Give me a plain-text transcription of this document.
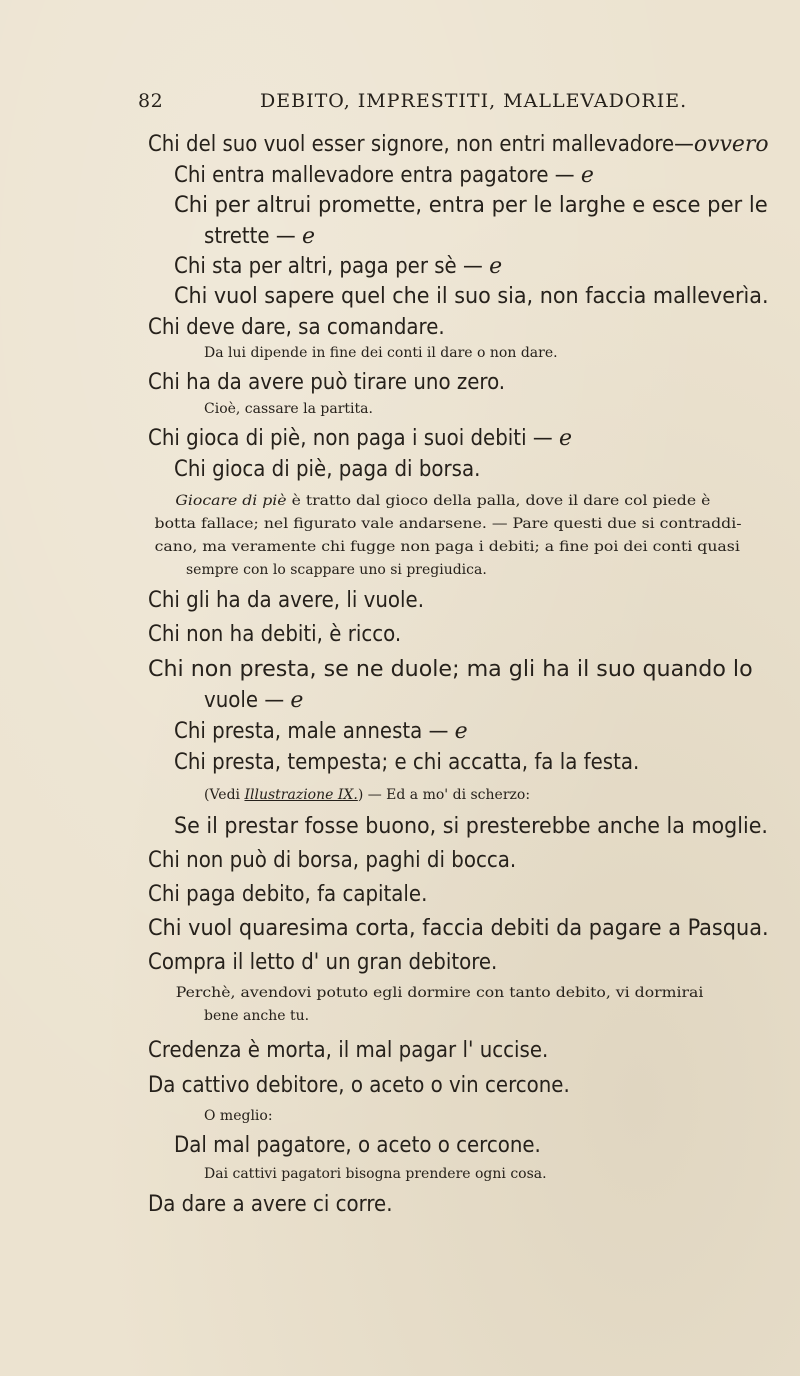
82	DEBITO, IMPRESTITI, MALLEVADORIE.
Chi del suo vuol esser signore, non entri mallevadore—ovvero
Chi entra mallevadore entra pagatore — e
Chi per altrui promette, entra per le larghe e esce per le
strette — e
Chi sta per altri, paga per sè — e
Chi vuol sapere quel che il suo sia, non faccia malleverìa.
Chi deve dare, sa comandare.
Da lui dipende in fine dei conti il dare o non dare.
Chi ha da avere può tirare uno zero.
Cioè, cassare la partita.
Chi gioca di piè, non paga i suoi debiti — e
Chi gioca di piè, paga di borsa.
Giocare di piè è tratto dal gioco della palla, dove il dare col piede è
botta fallace; nel figurato vale andarsene. — Pare questi due si contraddi-
cano, ma veramente chi fugge non paga i debiti; a fine poi dei conti quasi
sempre con lo scappare uno si pregiudica.
Chi gli ha da avere, li vuole.
Chi non ha debiti, è ricco.
Chi non presta, se ne duole; ma gli ha il suo quando lo
vuole — e
Chi presta, male annesta — e
Chi presta, tempesta; e chi accatta, fa la festa.
(Vedi Illustrazione IX.) — Ed a mo' di scherzo:
Se il prestar fosse buono, si presterebbe anche la moglie.
Chi non può di borsa, paghi di bocca.
Chi paga debito, fa capitale.
Chi vuol quaresima corta, faccia debiti da pagare a Pasqua.
Compra il letto d' un gran debitore.
Perchè, avendovi potuto egli dormire con tanto debito, vi dormirai
bene anche tu.
Credenza è morta, il mal pagar l' uccise.
Da cattivo debitore, o aceto o vin cercone.
O meglio:
Dal mal pagatore, o aceto o cercone.
Dai cattivi pagatori bisogna prendere ogni cosa.
Da dare a avere ci corre.
